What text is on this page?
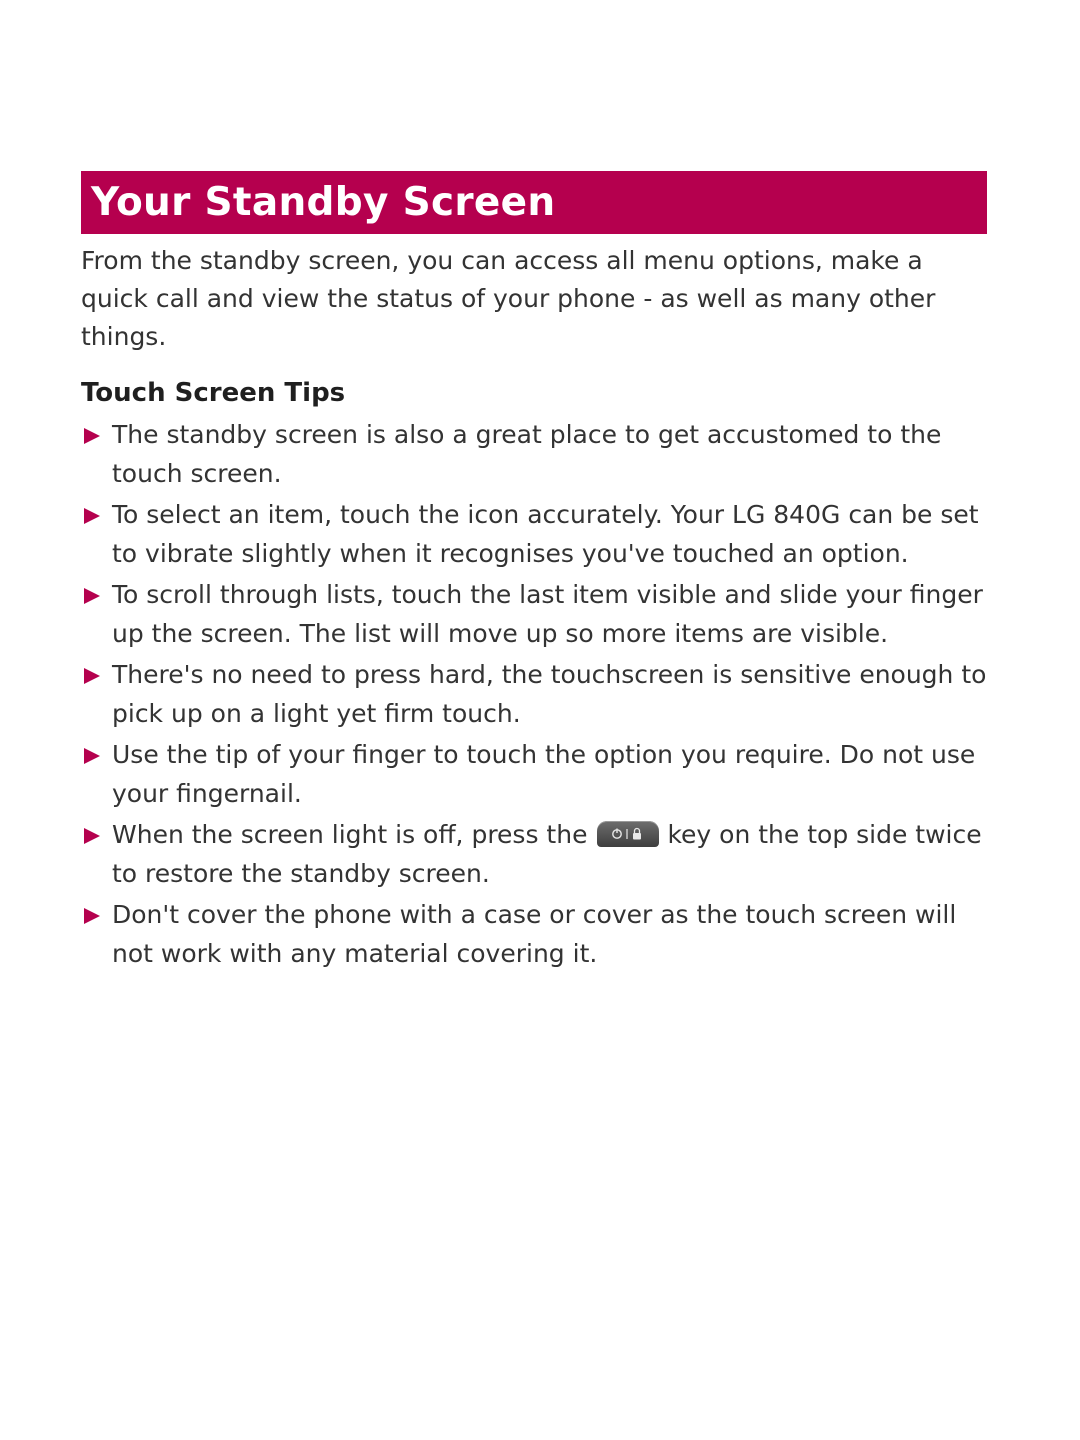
Your Standby Screen

From the standby screen, you can access all menu options, make a quick call and view the status of your phone - as well as many other things.

Touch Screen Tips
The standby screen is also a great place to get accustomed to the touch screen.
To select an item, touch the icon accurately. Your LG 840G can be set to vibrate slightly when it recognises you've touched an option.
To scroll through lists, touch the last item visible and slide your finger up the screen. The list will move up so more items are visible.
There's no need to press hard, the touchscreen is sensitive enough to pick up on a light yet firm touch.
Use the tip of your finger to touch the option you require. Do not use your fingernail.
When the screen light is off, press the	key on the top side twice to restore the standby screen.
Don't cover the phone with a case or cover as the touch screen will not work with any material covering it.
